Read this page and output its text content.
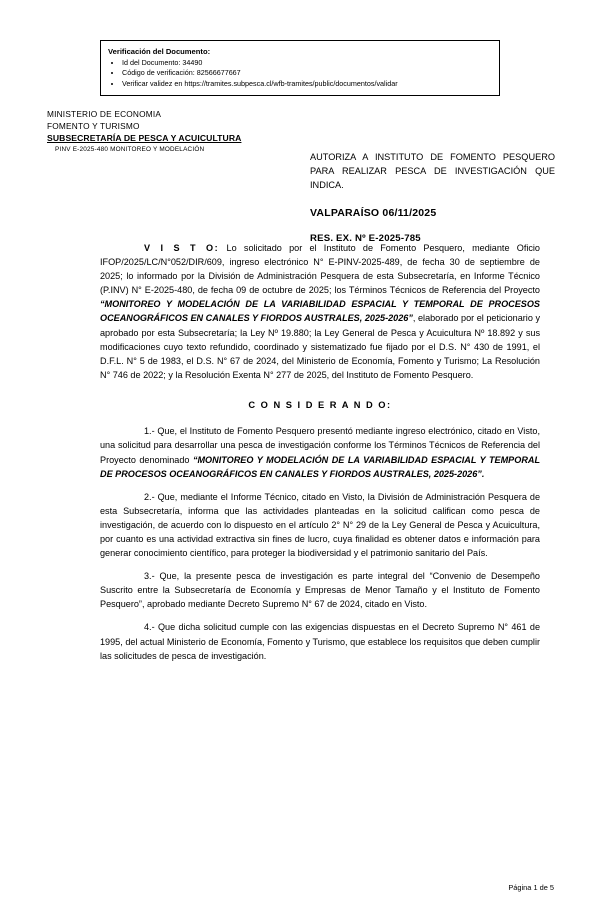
Verificación del Documento:
• Id del Documento: 34490
• Código de verificación: 82566677667
• Verificar validez en https://tramites.subpesca.cl/wfb-tramites/public/documentos/validar
MINISTERIO DE ECONOMIA
FOMENTO Y TURISMO
SUBSECRETARÍA DE PESCA Y ACUICULTURA
PINV E-2025-480 MONITOREO Y MODELACIÓN
AUTORIZA A INSTITUTO DE FOMENTO PESQUERO PARA REALIZAR PESCA DE INVESTIGACIÓN QUE INDICA.
VALPARAÍSO 06/11/2025
RES. EX. Nº E-2025-785

V I S T O: Lo solicitado por el Instituto de Fomento Pesquero, mediante Oficio IFOP/2025/LC/N°052/DIR/609, ingreso electrónico N° E-PINV-2025-489, de fecha 30 de septiembre de 2025; lo informado por la División de Administración Pesquera de esta Subsecretaría, en Informe Técnico (P.INV) N° E-2025-480, de fecha 09 de octubre de 2025; los Términos Técnicos de Referencia del Proyecto “MONITOREO Y MODELACIÓN DE LA VARIABILIDAD ESPACIAL Y TEMPORAL DE PROCESOS OCEANOGRÁFICOS EN CANALES Y FIORDOS AUSTRALES, 2025-2026”, elaborado por el peticionario y aprobado por esta Subsecretaría; la Ley Nº 19.880; la Ley General de Pesca y Acuicultura Nº 18.892 y sus modificaciones cuyo texto refundido, coordinado y sistematizado fue fijado por el D.S. N° 430 de 1991, el D.F.L. N° 5 de 1983, el D.S. N° 67 de 2024, del Ministerio de Economía, Fomento y Turismo; La Resolución N° 746 de 2022; y la Resolución Exenta N° 277 de 2025, del Instituto de Fomento Pesquero.

C O N S I D E R A N D O:

1.- Que, el Instituto de Fomento Pesquero presentó mediante ingreso electrónico, citado en Visto, una solicitud para desarrollar una pesca de investigación conforme los Términos Técnicos de Referencia del Proyecto denominado “MONITOREO Y MODELACIÓN DE LA VARIABILIDAD ESPACIAL Y TEMPORAL DE PROCESOS OCEANOGRÁFICOS EN CANALES Y FIORDOS AUSTRALES, 2025-2026”.

2.- Que, mediante el Informe Técnico, citado en Visto, la División de Administración Pesquera de esta Subsecretaría, informa que las actividades planteadas en la solicitud califican como pesca de investigación, de acuerdo con lo dispuesto en el artículo 2° N° 29 de la Ley General de Pesca y Acuicultura, por cuanto es una actividad extractiva sin fines de lucro, cuya finalidad es obtener datos e información para generar conocimiento científico, para proteger la biodiversidad y el patrimonio sanitario del País.

3.- Que, la presente pesca de investigación es parte integral del “Convenio de Desempeño Suscrito entre la Subsecretaría de Economía y Empresas de Menor Tamaño y el Instituto de Fomento Pesquero”, aprobado mediante Decreto Supremo N° 67 de 2024, citado en Visto.

4.- Que dicha solicitud cumple con las exigencias dispuestas en el Decreto Supremo N° 461 de 1995, del actual Ministerio de Economía, Fomento y Turismo, que establece los requisitos que deben cumplir las solicitudes de pesca de investigación.

Página 1 de 5
